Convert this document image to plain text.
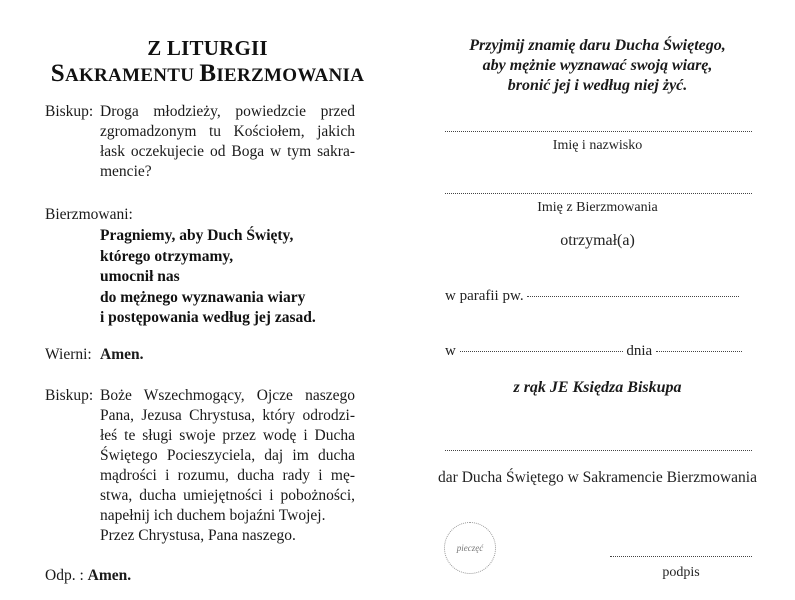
Z LITURGII
SAKRAMENTU BIERZMOWANIA
Biskup: Droga młodzieży, powiedzcie przed
zgromadzonym tu Kościołem, jakich
łask oczekujecie od Boga w tym sakra-
mencie?
Bierzmowani:
Pragniemy, aby Duch Święty,
którego otrzymamy,
umocnił nas
do mężnego wyznawania wiary
i postępowania według jej zasad.
Wierni: Amen.
Biskup: Boże Wszechmogący, Ojcze naszego
Pana, Jezusa Chrystusa, który odrodzi-
łeś te sługi swoje przez wodę i Ducha
Świętego Pocieszyciela, daj im ducha
mądrości i rozumu, ducha rady i mę-
stwa, ducha umiejętności i pobożności,
napełnij ich duchem bojaźni Twojej.
Przez Chrystusa, Pana naszego.
Odp. : Amen.
Przyjmij znamię daru Ducha Świętego,
aby mężnie wyznawać swoją wiarę,
bronić jej i według niej żyć.
Imię i nazwisko
Imię z Bierzmowania
otrzymał(a)
w parafii pw.
w	dnia
z rąk JE Księdza Biskupa
dar Ducha Świętego w Sakramencie Bierzmowania
podpis
pieczęć
